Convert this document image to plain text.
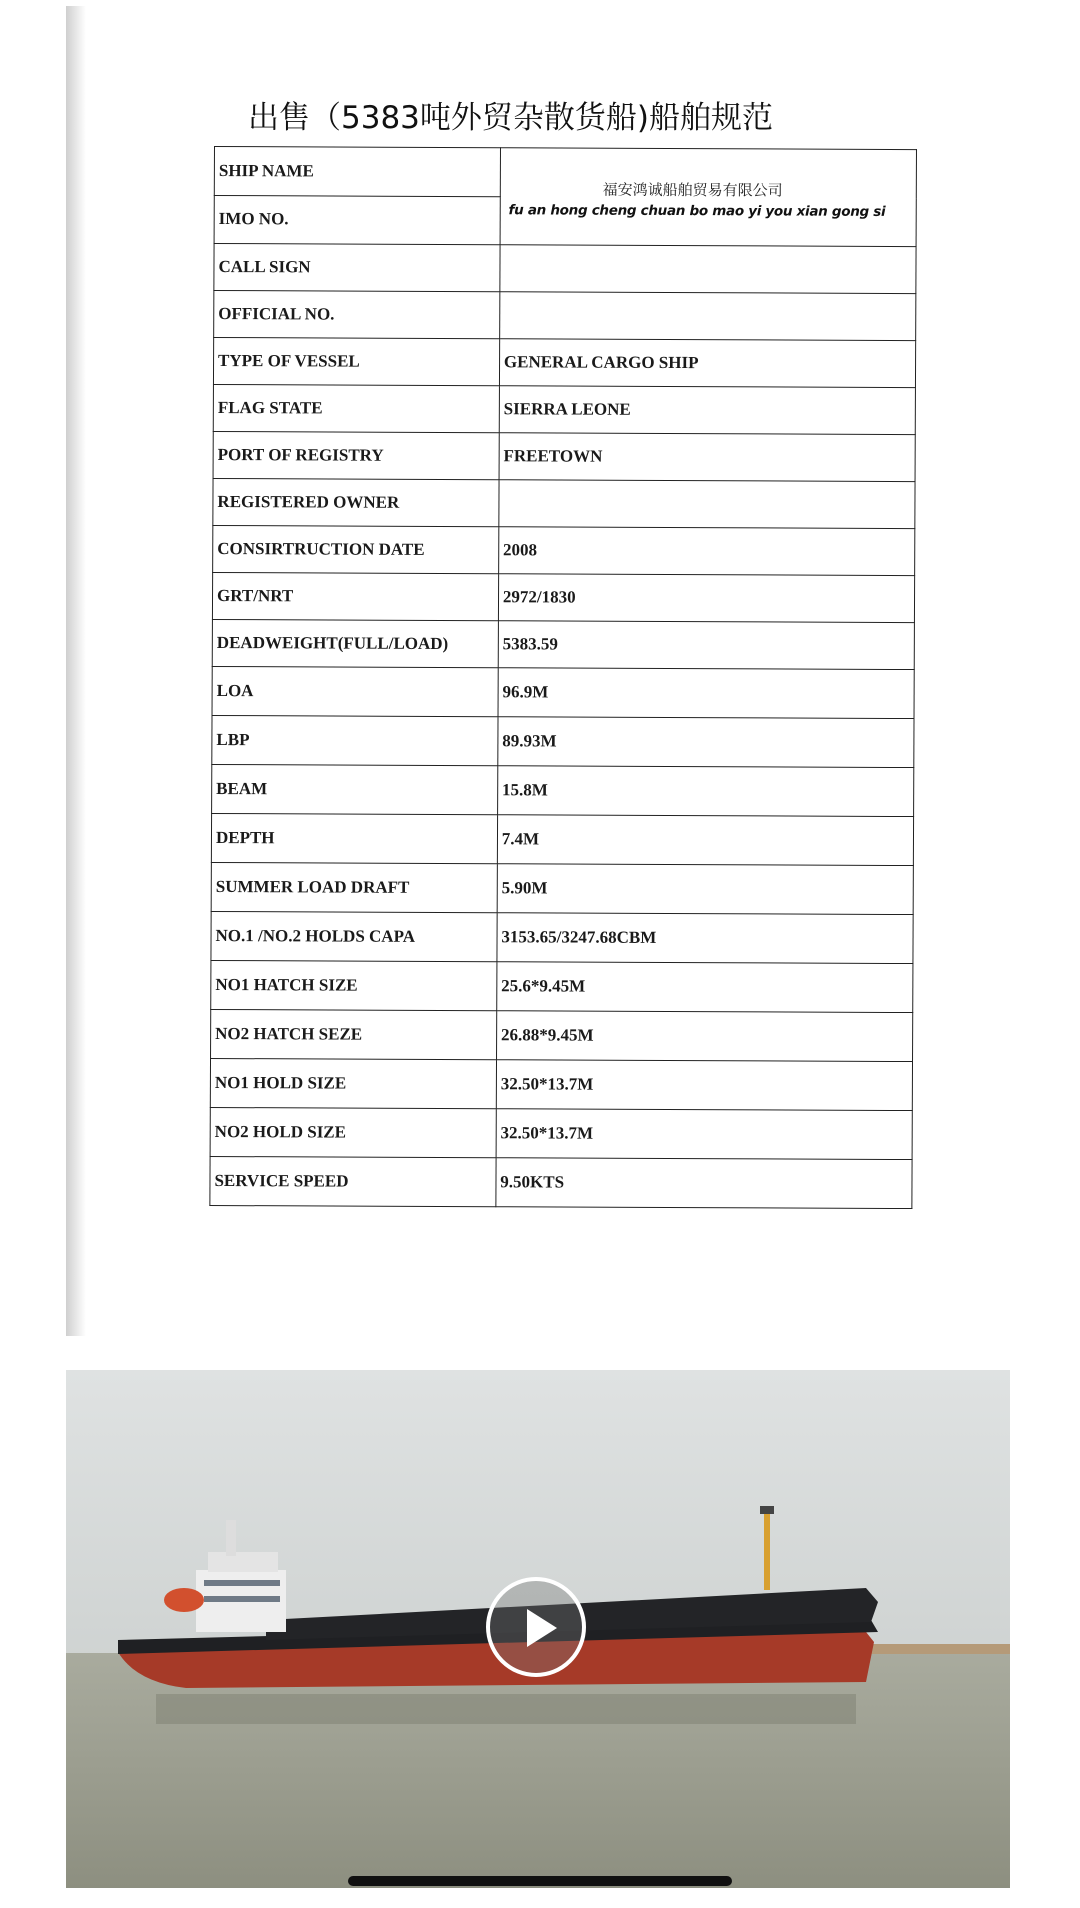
出售（5383吨外贸杂散货船)船舶规范
SHIP NAME	福安鸿诚船舶贸易有限公司
fu an hong cheng chuan bo mao yi you xian gong si

IMO NO.	
CALL SIGN	
OFFICIAL NO.	
TYPE OF VESSEL	GENERAL CARGO SHIP
FLAG STATE	SIERRA LEONE
PORT OF REGISTRY	FREETOWN
REGISTERED OWNER	
CONSIRTRUCTION DATE	2008
GRT/NRT	2972/1830
DEADWEIGHT(FULL/LOAD)	5383.59
LOA	96.9M
LBP	89.93M
BEAM	15.8M
DEPTH	7.4M
SUMMER LOAD DRAFT	5.90M
NO.1 /NO.2 HOLDS CAPA	3153.65/3247.68CBM
NO1 HATCH SIZE	25.6*9.45M
NO2 HATCH SEZE	26.88*9.45M
NO1 HOLD SIZE	32.50*13.7M
NO2 HOLD SIZE	32.50*13.7M
SERVICE SPEED	9.50KTS
